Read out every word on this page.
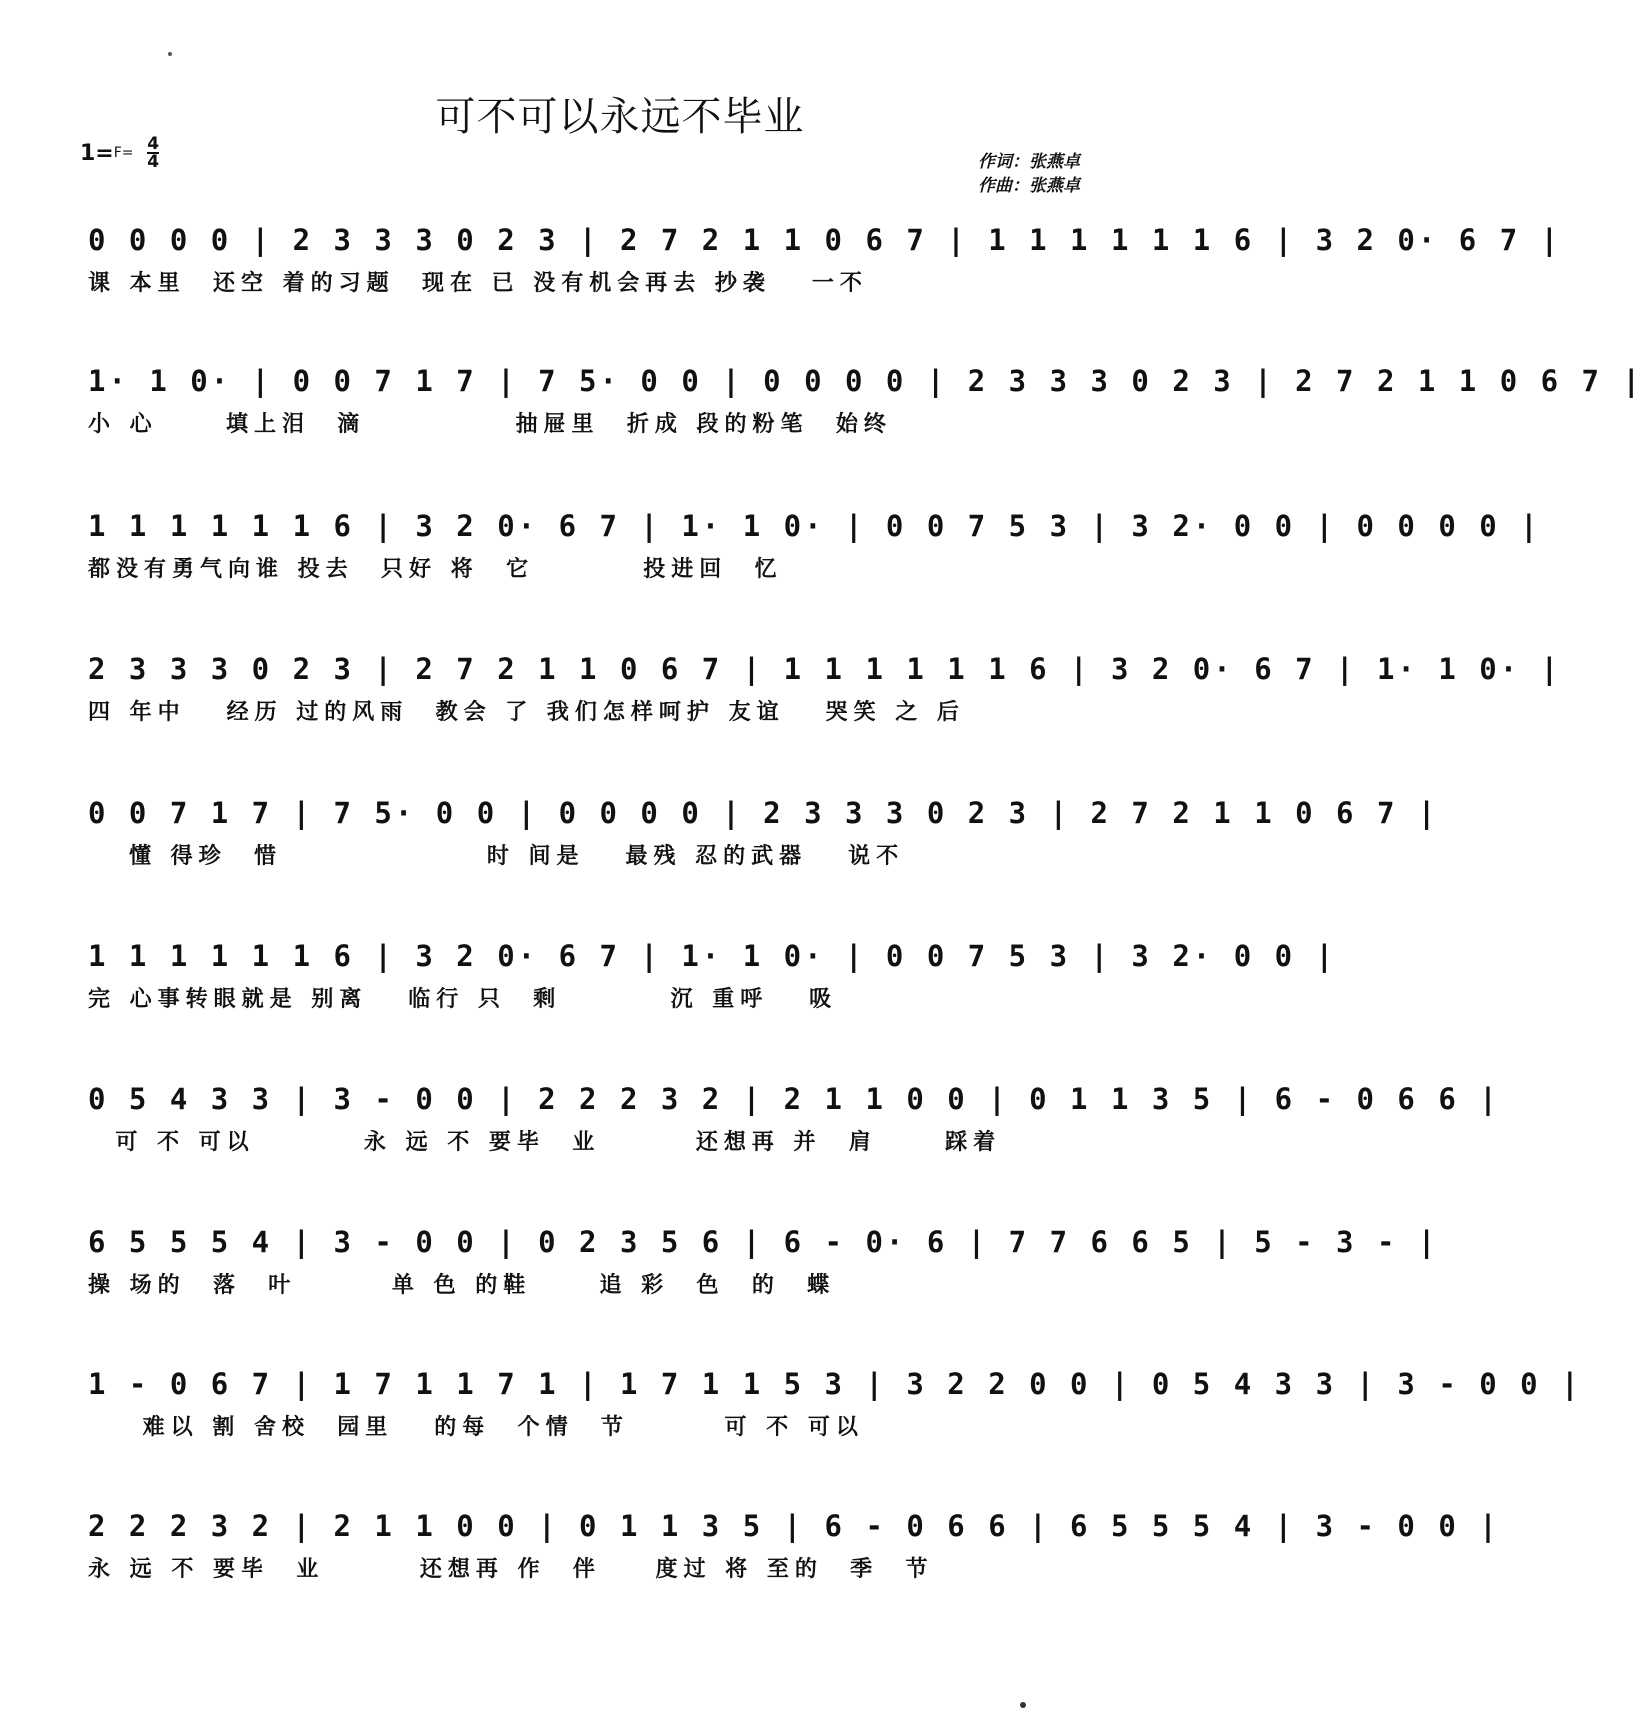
可不可以永远不毕业
$1=F= \frac{4}{4}$	作词：张燕卓
作曲：张燕卓
0 0 0 0 | 2 3 3 3 0 2 3 | 2 7 2 1 1 0 6 7 | 1 1 1 1 1 1 6 | 3 2 0· 6 7 |
课 本里  还空 着的习题  现在 已 没有机会再去 抄袭   一不
1· 1 0· | 0 0 7 1 7 | 7 5· 0 0 | 0 0 0 0 | 2 3 3 3 0 2 3 | 2 7 2 1 1 0 6 7 |
小 心     填上泪  滴           抽屉里  折成 段的粉笔  始终
1 1 1 1 1 1 6 | 3 2 0· 6 7 | 1· 1 0· | 0 0 7 5 3 | 3 2· 0 0 | 0 0 0 0 |
都没有勇气向谁 投去  只好 将  它        投进回  忆
2 3 3 3 0 2 3 | 2 7 2 1 1 0 6 7 | 1 1 1 1 1 1 6 | 3 2 0· 6 7 | 1· 1 0· |
四 年中   经历 过的风雨  教会 了 我们怎样呵护 友谊   哭笑 之 后
0 0 7 1 7 | 7 5· 0 0 | 0 0 0 0 | 2 3 3 3 0 2 3 | 2 7 2 1 1 0 6 7 |
懂 得珍  惜               时 间是   最残 忍的武器   说不
1 1 1 1 1 1 6 | 3 2 0· 6 7 | 1· 1 0· | 0 0 7 5 3 | 3 2· 0 0 |
完 心事转眼就是 别离   临行 只  剩        沉 重呼   吸
0 5 4 3 3 | 3 - 0 0 | 2 2 2 3 2 | 2 1 1 0 0 | 0 1 1 3 5 | 6 - 0 6 6 |
可 不 可以        永 远 不 要毕  业       还想再 并  肩     踩着
6 5 5 5 4 | 3 - 0 0 | 0 2 3 5 6 | 6 - 0· 6 | 7 7 6 6 5 | 5 - 3 - |
操 场的  落  叶       单 色 的鞋     追 彩  色  的  蝶
1 - 0 6 7 | 1 7 1 1 7 1 | 1 7 1 1 5 3 | 3 2 2 0 0 | 0 5 4 3 3 | 3 - 0 0 |
难以 割 舍校  园里   的每  个情  节       可 不 可以
2 2 2 3 2 | 2 1 1 0 0 | 0 1 1 3 5 | 6 - 0 6 6 | 6 5 5 5 4 | 3 - 0 0 |
永 远 不 要毕  业       还想再 作  伴    度过 将 至的  季  节
